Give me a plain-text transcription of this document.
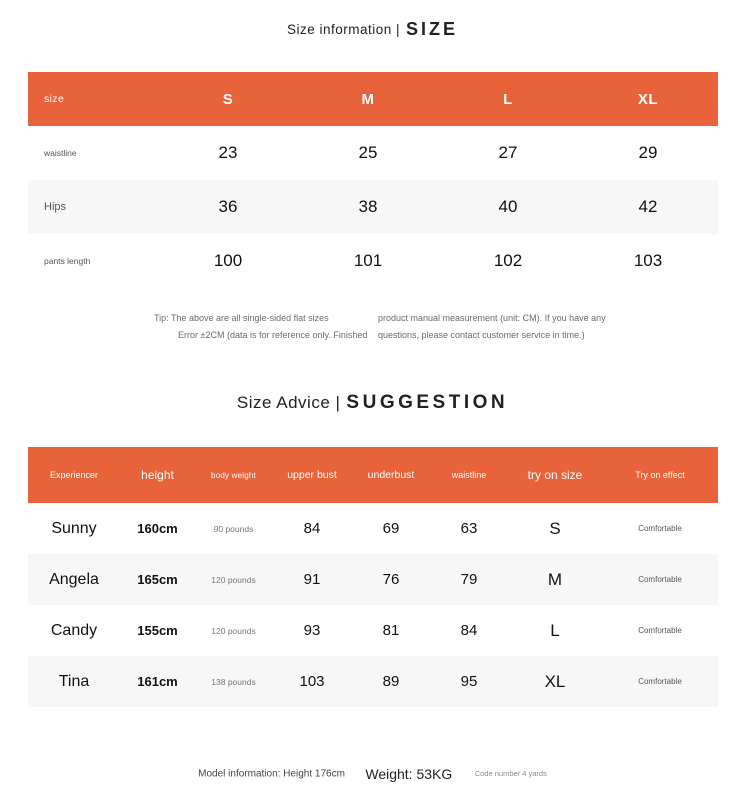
Size information | SIZE
size	S	M	L	XL
waistline	23	25	27	29
Hips	36	38	40	42
pants length	100	101	102	103
Tip: The above are all single-sided flat sizes	product manual measurement (unit: CM). If you have any
Error ±2CM (data is for reference only. Finished	questions, please contact customer service in time.)
Size Advice | SUGGESTION
Experiencer	height	body weight	upper bust	underbust	waistline	try on size	Try on effect
Sunny	160cm	90 pounds	84	69	63	S	Comfortable
Angela	165cm	120 pounds	91	76	79	M	Comfortable
Candy	155cm	120 pounds	93	81	84	L	Comfortable
Tina	161cm	138 pounds	103	89	95	XL	Comfortable
Model information: Height 176cm Weight: 53KG	Code number 4 yards
